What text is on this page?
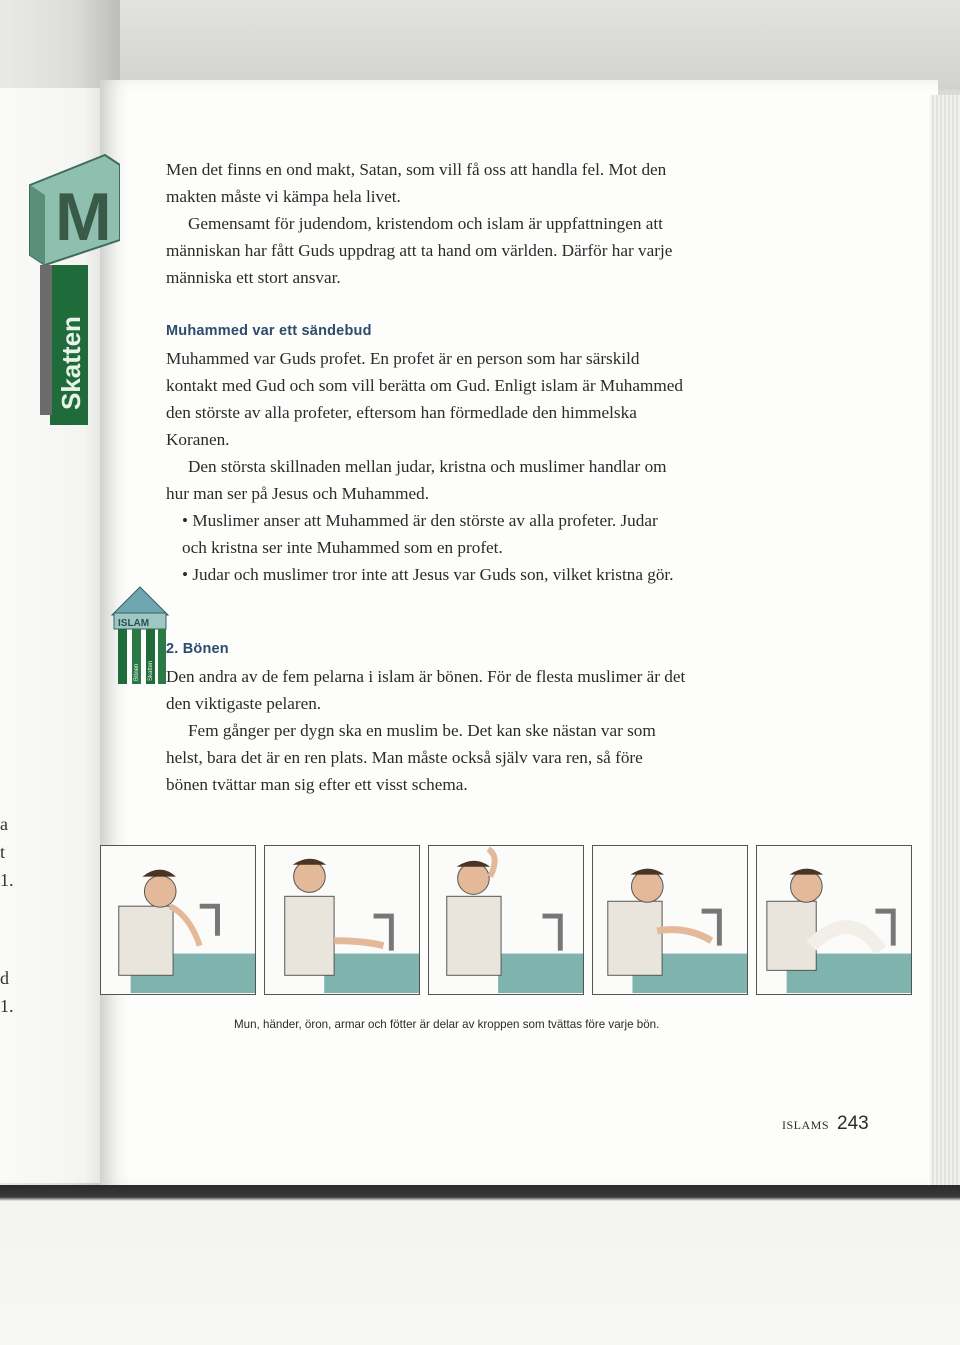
a
t
1.
d
1.
M
Skatten
ISLAM
Bönen Skatten

Men det finns en ond makt, Satan, som vill få oss att handla fel. Mot den makten måste vi kämpa hela livet.

Gemensamt för judendom, kristendom och islam är uppfattningen att människan har fått Guds uppdrag att ta hand om världen. Därför har varje människa ett stort ansvar.

Muhammed var ett sändebud

Muhammed var Guds profet. En profet är en person som har särskild kontakt med Gud och som vill berätta om Gud. Enligt islam är Muhammed den störste av alla profeter, eftersom han förmedlade den himmelska Koranen.

Den största skillnaden mellan judar, kristna och muslimer handlar om hur man ser på Jesus och Muhammed.

• Muslimer anser att Muhammed är den störste av alla profeter. Judar och kristna ser inte Muhammed som en profet.

• Judar och muslimer tror inte att Jesus var Guds son, vilket kristna gör.

2. Bönen

Den andra av de fem pelarna i islam är bönen. För de flesta muslimer är det den viktigaste pelaren.

Fem gånger per dygn ska en muslim be. Det kan ske nästan var som helst, bara det är en ren plats. Man måste också själv vara ren, så före bönen tvättar man sig efter ett visst schema.

Mun, händer, öron, armar och fötter är delar av kroppen som tvättas före varje bön.
ISLAMS 243
